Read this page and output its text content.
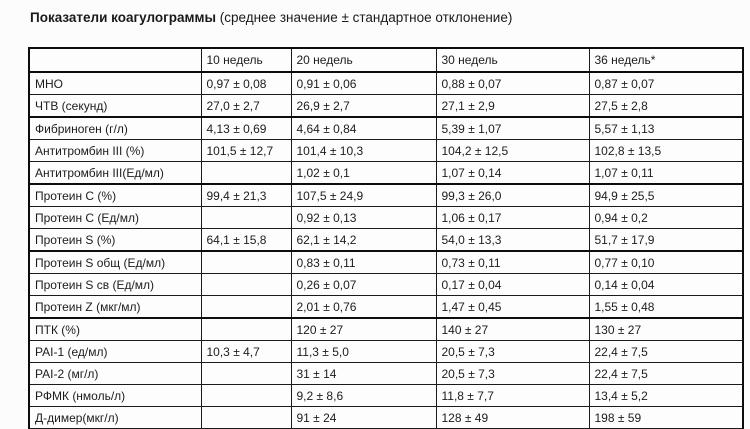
Показатели коагулограммы (среднее значение ± стандартное отклонение)
	10 недель	20 недель	30 недель	36 недель*
МНО	0,97 ± 0,08	0,91 ± 0,06	0,88 ± 0,07	0,87 ± 0,07
ЧТВ (секунд)	27,0 ± 2,7	26,9 ± 2,7	27,1 ± 2,9	27,5 ± 2,8
Фибриноген (г/л)	4,13 ± 0,69	4,64 ± 0,84	5,39 ± 1,07	5,57 ± 1,13
Антитромбин III (%)	101,5 ± 12,7	101,4 ± 10,3	104,2 ± 12,5	102,8 ± 13,5
Антитромбин III(Ед/мл)		1,02 ± 0,1	1,07 ± 0,14	1,07 ± 0,11
Протеин С (%)	99,4 ± 21,3	107,5 ± 24,9	99,3 ± 26,0	94,9 ± 25,5
Протеин С (Ед/мл)		0,92 ± 0,13	1,06 ± 0,17	0,94 ± 0,2
Протеин S (%)	64,1 ± 15,8	62,1 ± 14,2	54,0 ± 13,3	51,7 ± 17,9
Протеин S общ (Ед/мл)		0,83 ± 0,11	0,73 ± 0,11	0,77 ± 0,10
Протеин S св (Ед/мл)		0,26 ± 0,07	0,17 ± 0,04	0,14 ± 0,04
Протеин Z (мкг/мл)		2,01 ± 0,76	1,47 ± 0,45	1,55 ± 0,48
ПТК (%)		120 ± 27	140 ± 27	130 ± 27
PAI-1 (ед/мл)	10,3 ± 4,7	11,3 ± 5,0	20,5 ± 7,3	22,4 ± 7,5
PAI-2 (мг/л)		31 ± 14	20,5 ± 7,3	22,4 ± 7,5
РФМК (нмоль/л)		9,2 ± 8,6	11,8 ± 7,7	13,4 ± 5,2
Д-димер(мкг/л)		91 ± 24	128 ± 49	198 ± 59
